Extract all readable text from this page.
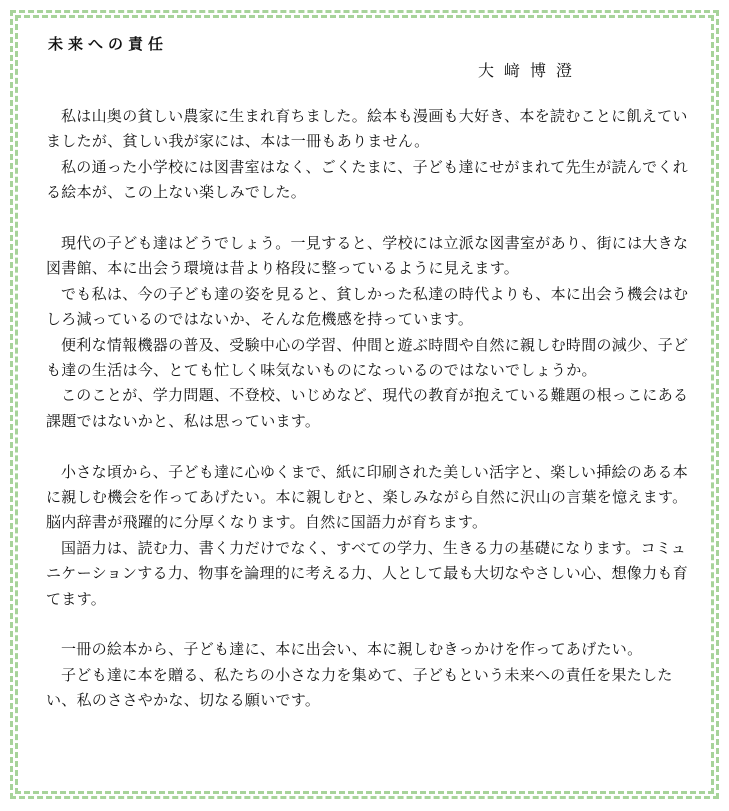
未来への責任

大﨑博澄

私は山奥の貧しい農家に生まれ育ちました。絵本も漫画も大好き、本を読むことに飢えていましたが、貧しい我が家には、本は一冊もありません。

私の通った小学校には図書室はなく、ごくたまに、子ども達にせがまれて先生が読んでくれる絵本が、この上ない楽しみでした。

現代の子ども達はどうでしょう。一見すると、学校には立派な図書室があり、街には大きな図書館、本に出会う環境は昔より格段に整っているように見えます。

でも私は、今の子ども達の姿を見ると、貧しかった私達の時代よりも、本に出会う機会はむしろ減っているのではないか、そんな危機感を持っています。

便利な情報機器の普及、受験中心の学習、仲間と遊ぶ時間や自然に親しむ時間の減少、子ども達の生活は今、とても忙しく味気ないものになっいるのではないでしょうか。

このことが、学力問題、不登校、いじめなど、現代の教育が抱えている難題の根っこにある課題ではないかと、私は思っています。

小さな頃から、子ども達に心ゆくまで、紙に印刷された美しい活字と、楽しい挿絵のある本に親しむ機会を作ってあげたい。本に親しむと、楽しみながら自然に沢山の言葉を憶えます。脳内辞書が飛躍的に分厚くなります。自然に国語力が育ちます。

国語力は、読む力、書く力だけでなく、すべての学力、生きる力の基礎になります。コミュニケーションする力、物事を論理的に考える力、人として最も大切なやさしい心、想像力も育てます。

一冊の絵本から、子ども達に、本に出会い、本に親しむきっかけを作ってあげたい。

子ども達に本を贈る、私たちの小さな力を集めて、子どもという未来への責任を果たしたい、私のささやかな、切なる願いです。
